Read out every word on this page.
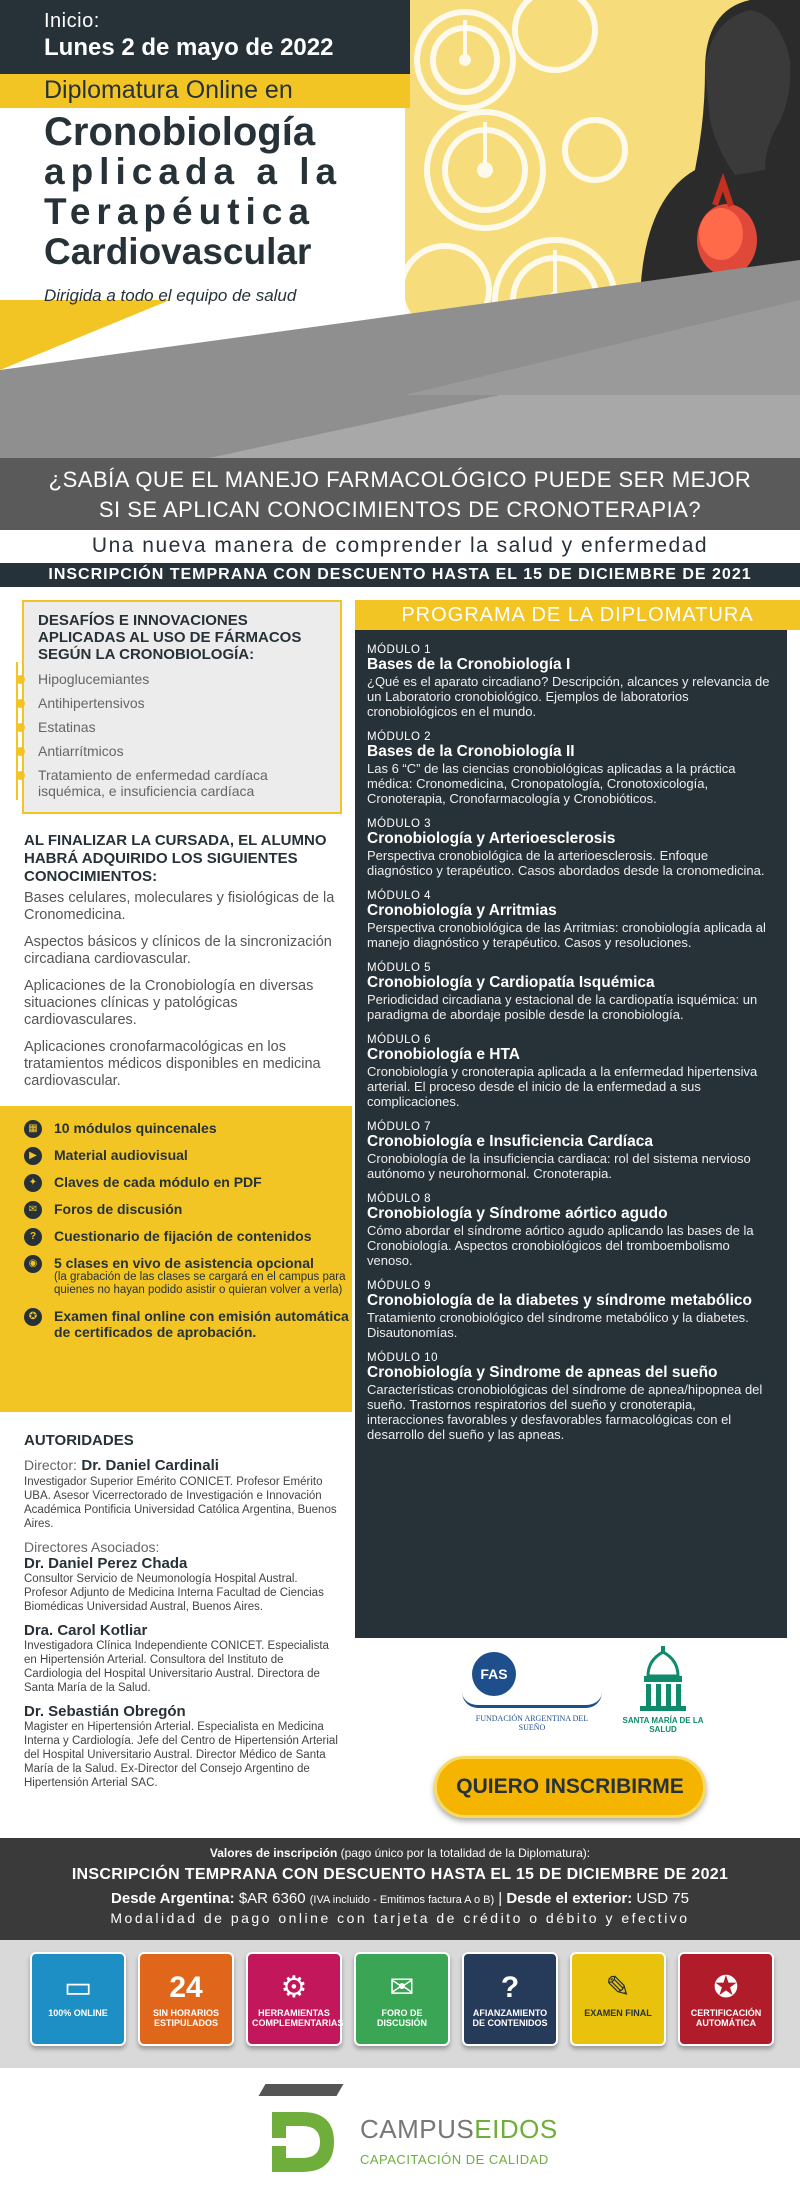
Inicio:
Lunes 2 de mayo de 2022
Diplomatura Online en
Cronobiología
aplicada a la
Terapéutica
Cardiovascular
Dirigida a todo el equipo de salud
¿SABÍA QUE EL MANEJO FARMACOLÓGICO PUEDE SER MEJOR
SI SE APLICAN CONOCIMIENTOS DE CRONOTERAPIA?
Una nueva manera de comprender la salud y enfermedad
INSCRIPCIÓN TEMPRANA CON DESCUENTO HASTA EL 15 DE DICIEMBRE DE 2021
DESAFÍOS E INNOVACIONES APLICADAS AL USO DE FÁRMACOS SEGÚN LA CRONOBIOLOGÍA:
Hipoglucemiantes
Antihipertensivos
Estatinas
Antiarrítmicos
Tratamiento de enfermedad cardíaca isquémica, e insuficiencia cardíaca
AL FINALIZAR LA CURSADA, EL ALUMNO HABRÁ ADQUIRIDO LOS SIGUIENTES CONOCIMIENTOS:

Bases celulares, moleculares y fisiológicas de la Cronomedicina.

Aspectos básicos y clínicos de la sincronización circadiana cardiovascular.

Aplicaciones de la Cronobiología en diversas situaciones clínicas y patológicas cardiovasculares.

Aplicaciones cronofarmacológicas en los tratamientos médicos disponibles en medicina cardiovascular.

▦	10 módulos quincenales
▶	Material audiovisual
✦	Claves de cada módulo en PDF
✉	Foros de discusión
?	Cuestionario de fijación de contenidos
◉	5 clases en vivo de asistencia opcional
(la grabación de las clases se cargará en el campus para quienes no hayan podido asistir o quieran volver a verla)
✪	Examen final online con emisión automática de certificados de aprobación.
AUTORIDADES
Director: Dr. Daniel Cardinali
Investigador Superior Emérito CONICET. Profesor Emérito UBA. Asesor Vicerrectorado de Investigación e Innovación Académica Pontificia Universidad Católica Argentina, Buenos Aires.
Directores Asociados:
Dr. Daniel Perez Chada
Consultor Servicio de Neumonología Hospital Austral. Profesor Adjunto de Medicina Interna Facultad de Ciencias Biomédicas Universidad Austral, Buenos Aires.
Dra. Carol Kotliar
Investigadora Clínica Independiente CONICET. Especialista en Hipertensión Arterial. Consultora del Instituto de Cardiologia del Hospital Universitario Austral. Directora de Santa María de la Salud.
Dr. Sebastián Obregón
Magister en Hipertensión Arterial. Especialista en Medicina Interna y Cardiología. Jefe del Centro de Hipertensión Arterial del Hospital Universitario Austral. Director Médico de Santa María de la Salud. Ex-Director del Consejo Argentino de Hipertensión Arterial SAC.
PROGRAMA DE LA DIPLOMATURA
MÓDULO 1
Bases de la Cronobiología I
¿Qué es el aparato circadiano? Descripción, alcances y relevancia de un Laboratorio cronobiológico. Ejemplos de laboratorios cronobiológicos en el mundo.
MÓDULO 2
Bases de la Cronobiología II
Las 6 “C” de las ciencias cronobiológicas aplicadas a la práctica médica: Cronomedicina, Cronopatología, Cronotoxicología, Cronoterapia, Cronofarmacología y Cronobióticos.
MÓDULO 3
Cronobiología y Arterioesclerosis
Perspectiva cronobiológica de la arterioesclerosis. Enfoque diagnóstico y terapéutico. Casos abordados desde la cronomedicina.
MÓDULO 4
Cronobiología y Arritmias
Perspectiva cronobiológica de las Arritmias: cronobiología aplicada al manejo diagnóstico y terapéutico. Casos y resoluciones.
MÓDULO 5
Cronobiología y Cardiopatía Isquémica
Periodicidad circadiana y estacional de la cardiopatía isquémica: un paradigma de abordaje posible desde la cronobiología.
MÓDULO 6
Cronobiología e HTA
Cronobiología y cronoterapia aplicada a la enfermedad hipertensiva arterial. El proceso desde el inicio de la enfermedad a sus complicaciones.
MÓDULO 7
Cronobiología e Insuficiencia Cardíaca
Cronobiología de la insuficiencia cardiaca: rol del sistema nervioso autónomo y neurohormonal. Cronoterapia.
MÓDULO 8
Cronobiología y Síndrome aórtico agudo
Cómo abordar el síndrome aórtico agudo aplicando las bases de la Cronobiología. Aspectos cronobiológicos del tromboembolismo venoso.
MÓDULO 9
Cronobiología de la diabetes y síndrome metabólico
Tratamiento cronobiológico del síndrome metabólico y la diabetes. Disautonomías.
MÓDULO 10
Cronobiología y Sindrome de apneas del sueño
Características cronobiológicas del síndrome de apnea/hipopnea del sueño. Trastornos respiratorios del sueño y cronoterapia, interacciones favorables y desfavorables farmacológicas con el desarrollo del sueño y las apneas.
FAS
FUNDACIÓN ARGENTINA DEL SUEÑO
SANTA MARÍA DE LA SALUD
QUIERO INSCRIBIRME
Valores de inscripción (pago único por la totalidad de la Diplomatura):
INSCRIPCIÓN TEMPRANA CON DESCUENTO HASTA EL 15 DE DICIEMBRE DE 2021
Desde Argentina: $AR 6360 (IVA incluido - Emitimos factura A o B) | Desde el exterior: USD 75
Modalidad de pago online con tarjeta de crédito o débito y efectivo
▭
100% ONLINE
24
SIN HORARIOS ESTIPULADOS
⚙
HERRAMIENTAS COMPLEMENTARIAS
✉
FORO DE DISCUSIÓN
?
AFIANZAMIENTO DE CONTENIDOS
✎
EXAMEN FINAL
✪
CERTIFICACIÓN AUTOMÁTICA
CAMPUSEIDOS
CAPACITACIÓN DE CALIDAD
